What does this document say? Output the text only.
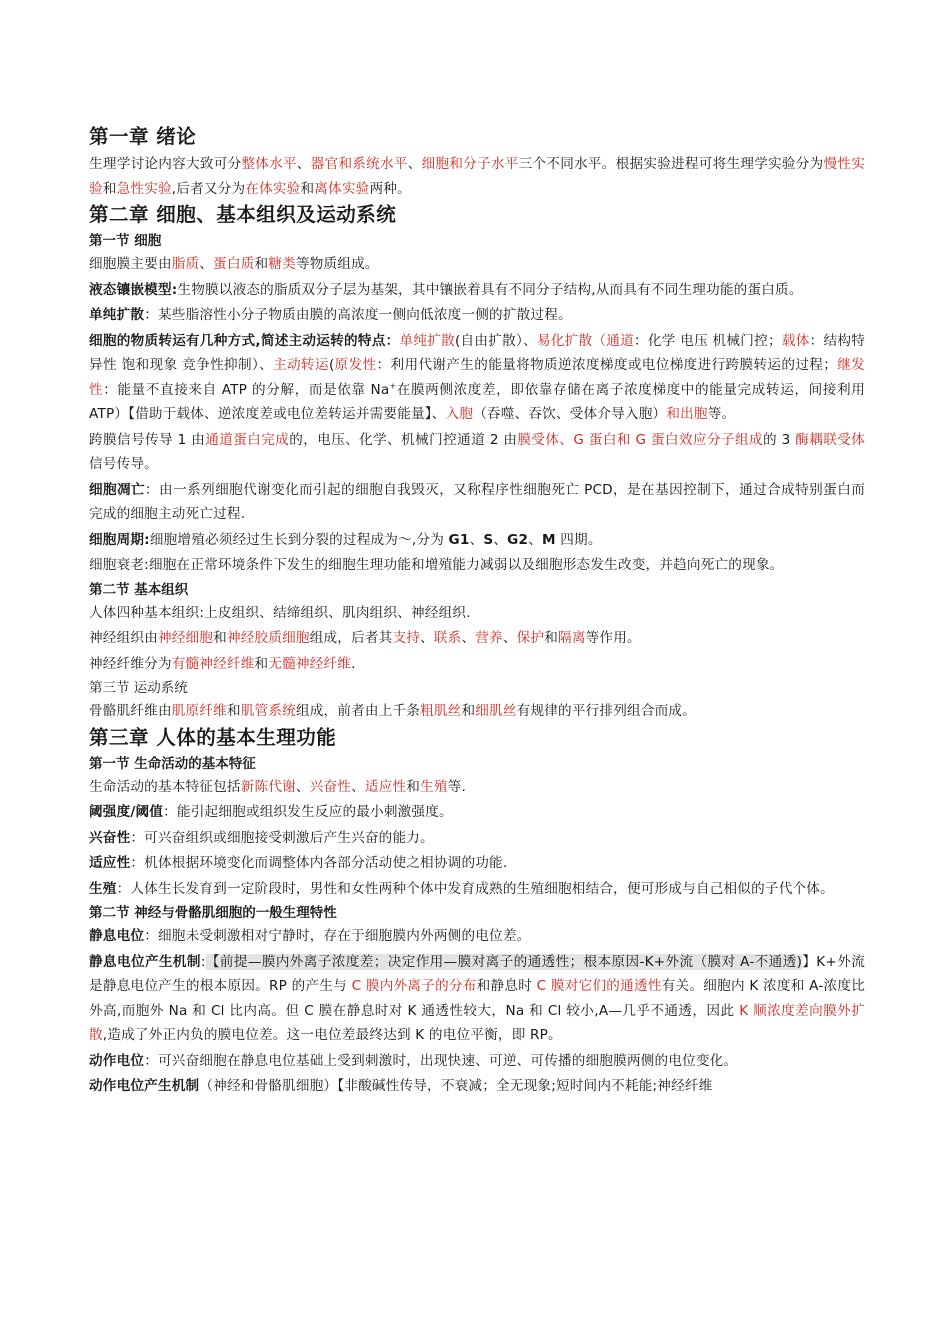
第一章 绪论

生理学讨论内容大致可分整体水平、器官和系统水平、细胞和分子水平三个不同水平。根据实验进程可将生理学实验分为慢性实验和急性实验,后者又分为在体实验和离体实验两种。

第二章 细胞、基本组织及运动系统
第一节 细胞

细胞膜主要由脂质、蛋白质和糖类等物质组成。

液态镶嵌模型:生物膜以液态的脂质双分子层为基架，其中镶嵌着具有不同分子结构,从而具有不同生理功能的蛋白质。

单纯扩散：某些脂溶性小分子物质由膜的高浓度一侧向低浓度一侧的扩散过程。

细胞的物质转运有几种方式,简述主动运转的特点：单纯扩散(自由扩散）、易化扩散（通道：化学 电压 机械门控；载体：结构特异性 饱和现象 竞争性抑制）、主动转运(原发性：利用代谢产生的能量将物质逆浓度梯度或电位梯度进行跨膜转运的过程；继发性：能量不直接来自 ATP 的分解，而是依靠 Na+在膜两侧浓度差，即依靠存储在离子浓度梯度中的能量完成转运，间接利用 ATP）【借助于载体、逆浓度差或电位差转运并需要能量】、入胞（吞噬、吞饮、受体介导入胞）和出胞等。

跨膜信号传导 1 由通道蛋白完成的，电压、化学、机械门控通道 2 由膜受体、G 蛋白和 G 蛋白效应分子组成的 3 酶耦联受体信号传导。

细胞凋亡：由一系列细胞代谢变化而引起的细胞自我毁灭，又称程序性细胞死亡 PCD，是在基因控制下，通过合成特别蛋白而完成的细胞主动死亡过程.

细胞周期:细胞增殖必须经过生长到分裂的过程成为～,分为 G1、S、G2、M 四期。

细胞衰老:细胞在正常环境条件下发生的细胞生理功能和增殖能力减弱以及细胞形态发生改变，并趋向死亡的现象。

第二节 基本组织

人体四种基本组织:上皮组织、结缔组织、肌肉组织、神经组织.

神经组织由神经细胞和神经胶质细胞组成，后者其支持、联系、营养、保护和隔离等作用。

神经纤维分为有髓神经纤维和无髓神经纤维.

第三节 运动系统

骨骼肌纤维由肌原纤维和肌管系统组成，前者由上千条粗肌丝和细肌丝有规律的平行排列组合而成。

第三章 人体的基本生理功能
第一节 生命活动的基本特征

生命活动的基本特征包括新陈代谢、兴奋性、适应性和生殖等.

阈强度/阈值：能引起细胞或组织发生反应的最小刺激强度。

兴奋性：可兴奋组织或细胞接受刺激后产生兴奋的能力。

适应性：机体根据环境变化而调整体内各部分活动使之相协调的功能.

生殖：人体生长发育到一定阶段时，男性和女性两种个体中发育成熟的生殖细胞相结合，便可形成与自己相似的子代个体。

第二节 神经与骨骼肌细胞的一般生理特性

静息电位：细胞未受刺激相对宁静时，存在于细胞膜内外两侧的电位差。

静息电位产生机制:【前提—膜内外离子浓度差；决定作用—膜对离子的通透性；根本原因-K+外流（膜对 A-不通透)】K+外流是静息电位产生的根本原因。RP 的产生与 C 膜内外离子的分布和静息时 C 膜对它们的通透性有关。细胞内 K 浓度和 A-浓度比外高,而胞外 Na 和 Cl 比内高。但 C 膜在静息时对 K 通透性较大，Na 和 Cl 较小,A—几乎不通透，因此 K 顺浓度差向膜外扩散,造成了外正内负的膜电位差。这一电位差最终达到 K 的电位平衡，即 RP。

动作电位：可兴奋细胞在静息电位基础上受到刺激时，出现快速、可逆、可传播的细胞膜两侧的电位变化。

动作电位产生机制（神经和骨骼肌细胞）【非酸碱性传导，不衰减；全无现象;短时间内不耗能;神经纤维
